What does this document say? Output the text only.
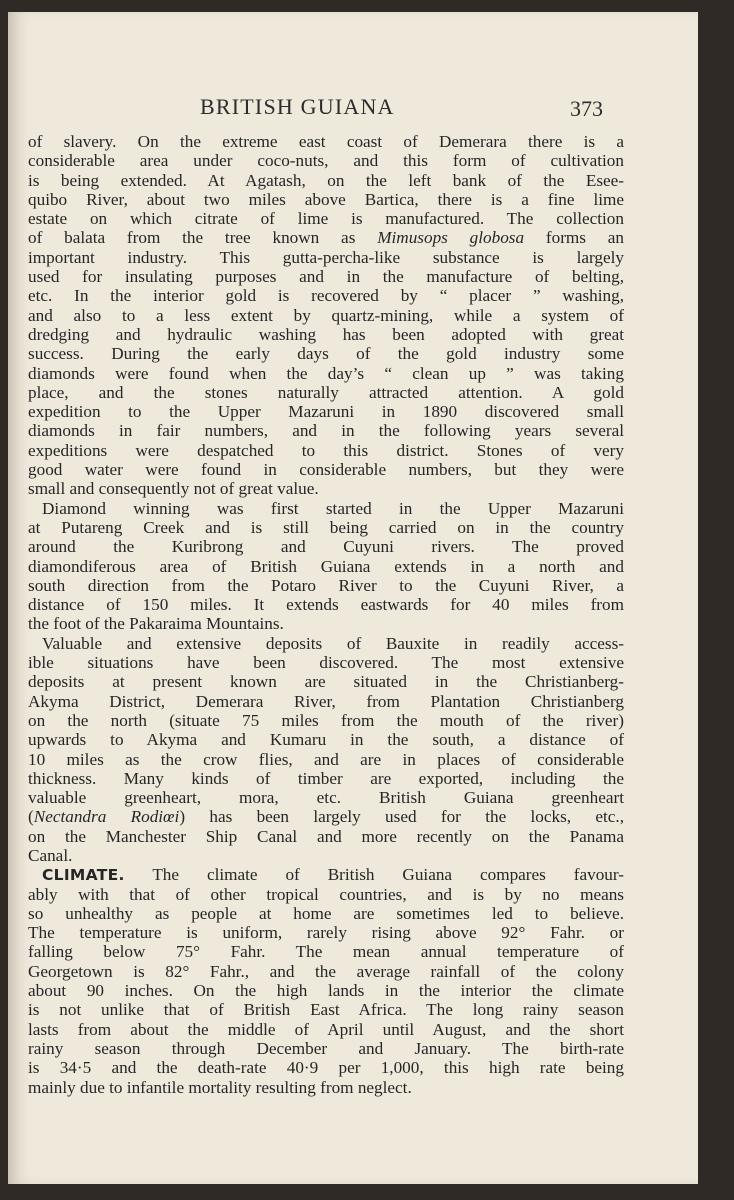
BRITISH GUIANA	373
of slavery. On the extreme east coast of Demerara there is a
considerable area under coco-nuts, and this form of cultivation
is being extended. At Agatash, on the left bank of the Esee-
quibo River, about two miles above Bartica, there is a fine lime
estate on which citrate of lime is manufactured. The collection
of balata from the tree known as Mimusops globosa forms an
important industry. This gutta-percha-like substance is largely
used for insulating purposes and in the manufacture of belting,
etc. In the interior gold is recovered by “ placer ” washing,
and also to a less extent by quartz-mining, while a system of
dredging and hydraulic washing has been adopted with great
success. During the early days of the gold industry some
diamonds were found when the day’s “ clean up ” was taking
place, and the stones naturally attracted attention. A gold
expedition to the Upper Mazaruni in 1890 discovered small
diamonds in fair numbers, and in the following years several
expeditions were despatched to this district. Stones of very
good water were found in considerable numbers, but they were
small and consequently not of great value.
Diamond winning was first started in the Upper Mazaruni
at Putareng Creek and is still being carried on in the country
around the Kuribrong and Cuyuni rivers. The proved
diamondiferous area of British Guiana extends in a north and
south direction from the Potaro River to the Cuyuni River, a
distance of 150 miles. It extends eastwards for 40 miles from
the foot of the Pakaraima Mountains.
Valuable and extensive deposits of Bauxite in readily access-
ible situations have been discovered. The most extensive
deposits at present known are situated in the Christianberg-
Akyma District, Demerara River, from Plantation Christianberg
on the north (situate 75 miles from the mouth of the river)
upwards to Akyma and Kumaru in the south, a distance of
10 miles as the crow flies, and are in places of considerable
thickness. Many kinds of timber are exported, including the
valuable greenheart, mora, etc. British Guiana greenheart
(Nectandra Rodiœi) has been largely used for the locks, etc.,
on the Manchester Ship Canal and more recently on the Panama
Canal.
CLIMATE. The climate of British Guiana compares favour-
ably with that of other tropical countries, and is by no means
so unhealthy as people at home are sometimes led to believe.
The temperature is uniform, rarely rising above 92° Fahr. or
falling below 75° Fahr. The mean annual temperature of
Georgetown is 82° Fahr., and the average rainfall of the colony
about 90 inches. On the high lands in the interior the climate
is not unlike that of British East Africa. The long rainy season
lasts from about the middle of April until August, and the short
rainy season through December and January. The birth-rate
is 34·5 and the death-rate 40·9 per 1,000, this high rate being
mainly due to infantile mortality resulting from neglect.
